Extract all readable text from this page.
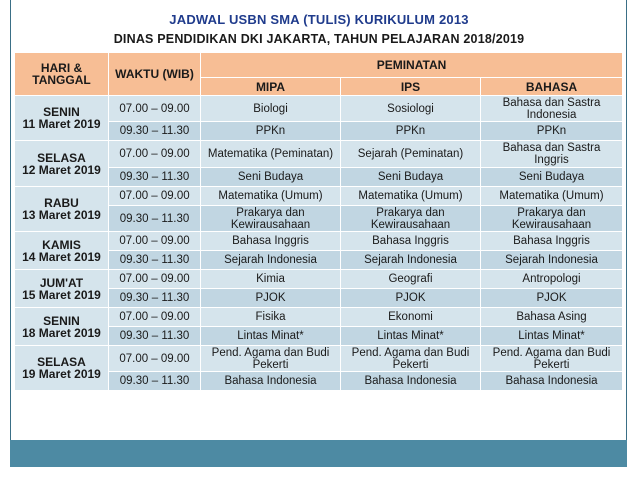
JADWAL USBN SMA (TULIS) KURIKULUM 2013
DINAS PENDIDIKAN DKI JAKARTA, TAHUN PELAJARAN 2018/2019
HARI & TANGGAL	WAKTU (WIB)	PEMINATAN		
		MIPA	IPS	BAHASA

SENIN
11 Maret 2019	07.00 – 09.00	Biologi	Sosiologi	Bahasa dan Sastra Indonesia
	09.30 – 11.30	PPKn	PPKn	PPKn

SELASA
12 Maret 2019	07.00 – 09.00	Matematika (Peminatan)	Sejarah (Peminatan)	Bahasa dan Sastra Inggris
	09.30 – 11.30	Seni Budaya	Seni Budaya	Seni Budaya

RABU
13 Maret 2019	07.00 – 09.00	Matematika (Umum)	Matematika (Umum)	Matematika (Umum)
	09.30 – 11.30	Prakarya dan Kewirausahaan	Prakarya dan Kewirausahaan	Prakarya dan Kewirausahaan

KAMIS
14 Maret 2019	07.00 – 09.00	Bahasa Inggris	Bahasa Inggris	Bahasa Inggris
	09.30 – 11.30	Sejarah Indonesia	Sejarah Indonesia	Sejarah Indonesia

JUM'AT
15 Maret 2019	07.00 – 09.00	Kimia	Geografi	Antropologi
	09.30 – 11.30	PJOK	PJOK	PJOK

SENIN
18 Maret 2019	07.00 – 09.00	Fisika	Ekonomi	Bahasa Asing
	09.30 – 11.30	Lintas Minat*	Lintas Minat*	Lintas Minat*

SELASA
19 Maret 2019	07.00 – 09.00	Pend. Agama dan Budi Pekerti	Pend. Agama dan Budi Pekerti	Pend. Agama dan Budi Pekerti
	09.30 – 11.30	Bahasa Indonesia	Bahasa Indonesia	Bahasa Indonesia
